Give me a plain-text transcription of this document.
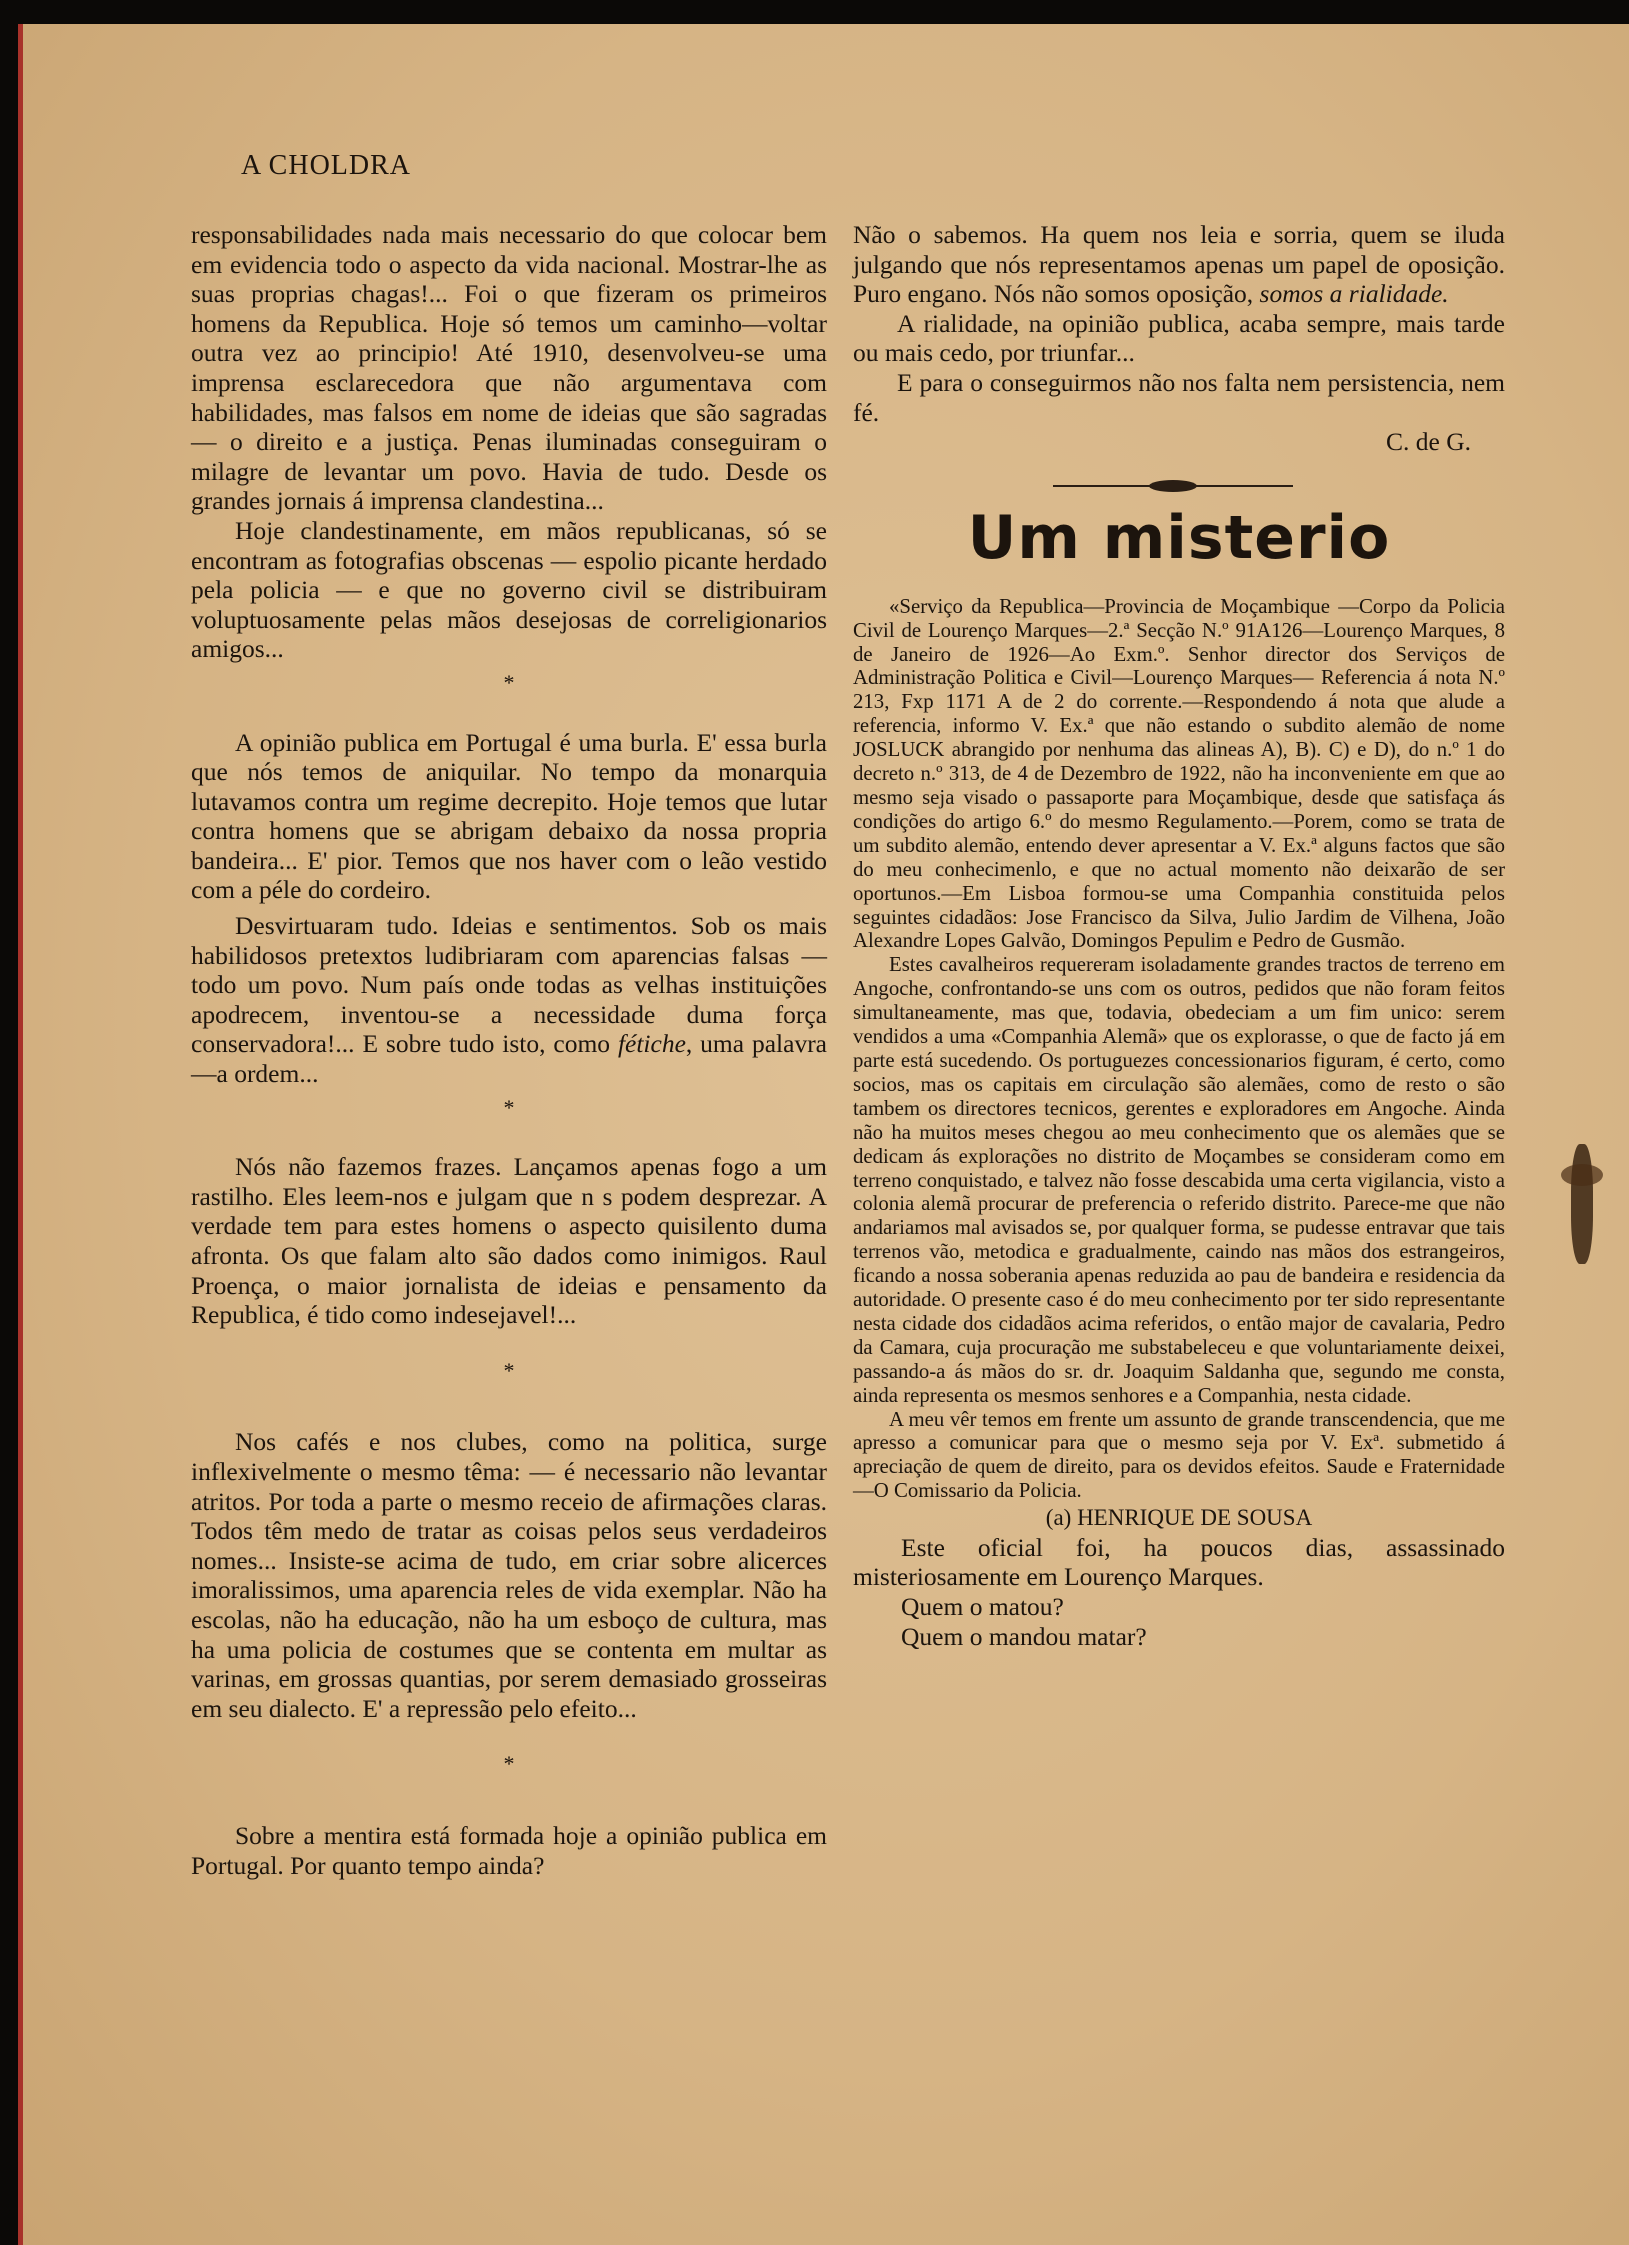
A CHOLDRA

responsabilidades nada mais necessario do que colocar bem em evidencia todo o aspecto da vida nacional. Mostrar-lhe as suas proprias chagas!... Foi o que fizeram os primeiros homens da Republica. Hoje só temos um caminho—voltar outra vez ao principio! Até 1910, desenvolveu-se uma imprensa esclarecedora que não argumentava com habilidades, mas falsos em nome de ideias que são sagradas — o direito e a justiça. Penas iluminadas conseguiram o milagre de levantar um povo. Havia de tudo. Desde os grandes jornais á imprensa clandestina...

Hoje clandestinamente, em mãos republicanas, só se encontram as fotografias obscenas — espolio picante herdado pela policia — e que no governo civil se distribuiram voluptuosamente pelas mãos desejosas de correligionarios amigos...

*

A opinião publica em Portugal é uma burla. E' essa burla que nós temos de aniquilar. No tempo da monarquia lutavamos contra um regime decrepito. Hoje temos que lutar contra homens que se abrigam debaixo da nossa propria bandeira... E' pior. Temos que nos haver com o leão vestido com a péle do cordeiro.

Desvirtuaram tudo. Ideias e sentimentos. Sob os mais habilidosos pretextos ludibriaram com aparencias falsas — todo um povo. Num país onde todas as velhas instituições apodrecem, inventou-se a necessidade duma força conservadora!... E sobre tudo isto, como fétiche, uma palavra—a ordem...

*

Nós não fazemos frazes. Lançamos apenas fogo a um rastilho. Eles leem-nos e julgam que n s podem desprezar. A verdade tem para estes homens o aspecto quisilento duma afronta. Os que falam alto são dados como inimigos. Raul Proença, o maior jornalista de ideias e pensamento da Republica, é tido como indesejavel!...

*

Nos cafés e nos clubes, como na politica, surge inflexivelmente o mesmo têma: — é necessario não levantar atritos. Por toda a parte o mesmo receio de afirmações claras. Todos têm medo de tratar as coisas pelos seus verdadeiros nomes... Insiste-se acima de tudo, em criar sobre alicerces imoralissimos, uma aparencia reles de vida exemplar. Não ha escolas, não ha educação, não ha um esboço de cultura, mas ha uma policia de costumes que se contenta em multar as varinas, em grossas quantias, por serem demasiado grosseiras em seu dialecto. E' a repressão pelo efeito...

*

Sobre a mentira está formada hoje a opinião publica em Portugal. Por quanto tempo ainda?

Não o sabemos. Ha quem nos leia e sorria, quem se iluda julgando que nós representamos apenas um papel de oposição. Puro engano. Nós não somos oposição, somos a rialidade.

A rialidade, na opinião publica, acaba sempre, mais tarde ou mais cedo, por triunfar...

E para o conseguirmos não nos falta nem persistencia, nem fé.

C. de G.

Um misterio

«Serviço da Republica—Provincia de Moçambique —Corpo da Policia Civil de Lourenço Marques—2.ª Secção N.º 91A126—Lourenço Marques, 8 de Janeiro de 1926—Ao Exm.º. Senhor director dos Serviços de Administração Politica e Civil—Lourenço Marques— Referencia á nota N.º 213, Fxp 1171 A de 2 do corrente.—Respondendo á nota que alude a referencia, informo V. Ex.ª que não estando o subdito alemão de nome JOSLUCK abrangido por nenhuma das alineas A), B). C) e D), do n.º 1 do decreto n.º 313, de 4 de Dezembro de 1922, não ha inconveniente em que ao mesmo seja visado o passaporte para Moçambique, desde que satisfaça ás condições do artigo 6.º do mesmo Regulamento.—Porem, como se trata de um subdito alemão, entendo dever apresentar a V. Ex.ª alguns factos que são do meu conhecimenlo, e que no actual momento não deixarão de ser oportunos.—Em Lisboa formou-se uma Companhia constituida pelos seguintes cidadãos: Jose Francisco da Silva, Julio Jardim de Vilhena, João Alexandre Lopes Galvão, Domingos Pepulim e Pedro de Gusmão.

Estes cavalheiros requereram isoladamente grandes tractos de terreno em Angoche, confrontando-se uns com os outros, pedidos que não foram feitos simultaneamente, mas que, todavia, obedeciam a um fim unico: serem vendidos a uma «Companhia Alemã» que os explorasse, o que de facto já em parte está sucedendo. Os portuguezes concessionarios figuram, é certo, como socios, mas os capitais em circulação são alemães, como de resto o são tambem os directores tecnicos, gerentes e exploradores em Angoche. Ainda não ha muitos meses chegou ao meu conhecimento que os alemães que se dedicam ás explorações no distrito de Moçambes se consideram como em terreno conquistado, e talvez não fosse descabida uma certa vigilancia, visto a colonia alemã procurar de preferencia o referido distrito. Parece-me que não andariamos mal avisados se, por qualquer forma, se pudesse entravar que tais terrenos vão, metodica e gradualmente, caindo nas mãos dos estrangeiros, ficando a nossa soberania apenas reduzida ao pau de bandeira e residencia da autoridade. O presente caso é do meu conhecimento por ter sido representante nesta cidade dos cidadãos acima referidos, o então major de cavalaria, Pedro da Camara, cuja procuração me substabeleceu e que voluntariamente deixei, passando-a ás mãos do sr. dr. Joaquim Saldanha que, segundo me consta, ainda representa os mesmos senhores e a Companhia, nesta cidade.

A meu vêr temos em frente um assunto de grande transcendencia, que me apresso a comunicar para que o mesmo seja por V. Exª. submetido á apreciação de quem de direito, para os devidos efeitos. Saude e Fraternidade—O Comissario da Policia.

(a) HENRIQUE DE SOUSA

Este oficial foi, ha poucos dias, assassinado misteriosamente em Lourenço Marques.

Quem o matou?

Quem o mandou matar?
